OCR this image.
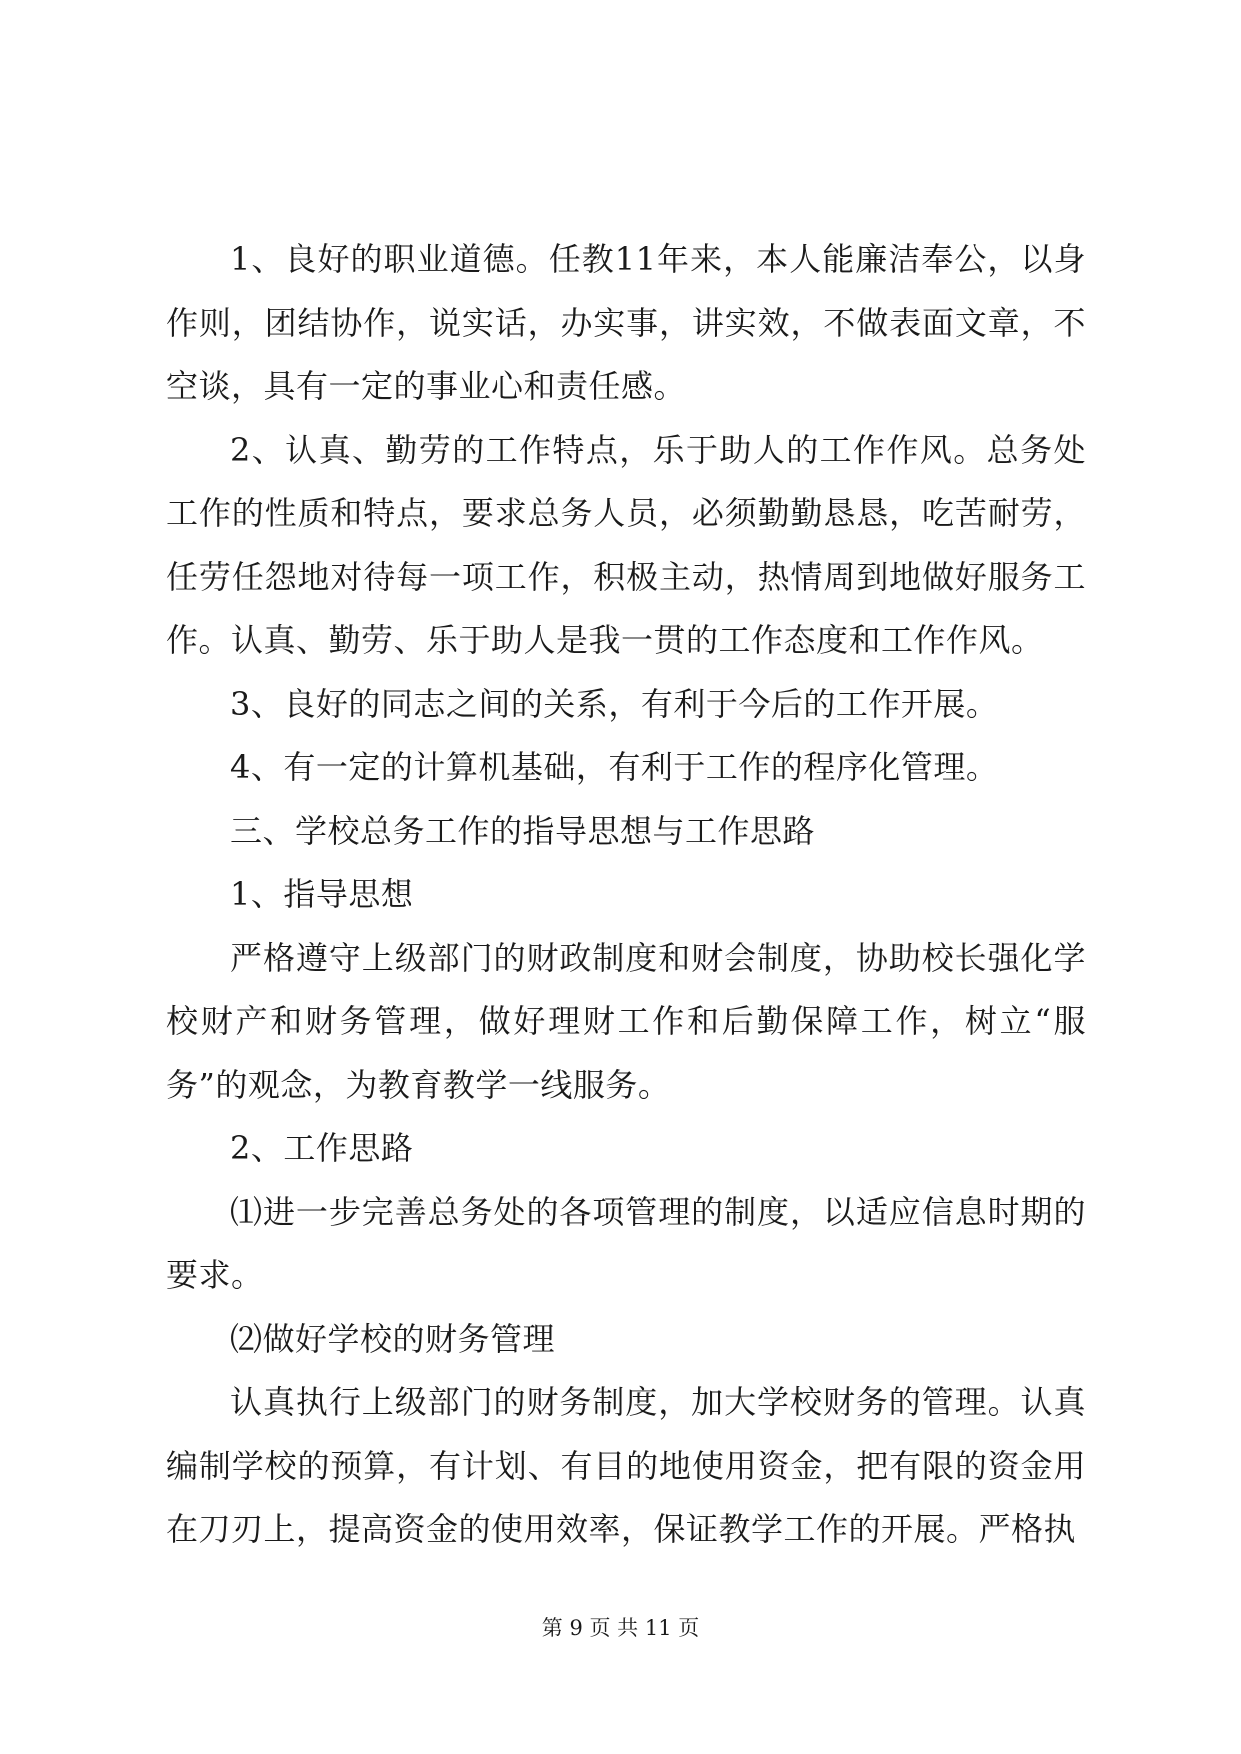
1、良好的职业道德。任教11年来，本人能廉洁奉公，以身作则，团结协作，说实话，办实事，讲实效，不做表面文章，不空谈，具有一定的事业心和责任感。

2、认真、勤劳的工作特点，乐于助人的工作作风。总务处工作的性质和特点，要求总务人员，必须勤勤恳恳，吃苦耐劳，任劳任怨地对待每一项工作，积极主动，热情周到地做好服务工作。认真、勤劳、乐于助人是我一贯的工作态度和工作作风。

3、良好的同志之间的关系，有利于今后的工作开展。

4、有一定的计算机基础，有利于工作的程序化管理。

三、学校总务工作的指导思想与工作思路

1、指导思想

严格遵守上级部门的财政制度和财会制度，协助校长强化学校财产和财务管理，做好理财工作和后勤保障工作，树立“服务”的观念，为教育教学一线服务。

2、工作思路

⑴进一步完善总务处的各项管理的制度，以适应信息时期的要求。

⑵做好学校的财务管理

认真执行上级部门的财务制度，加大学校财务的管理。认真编制学校的预算，有计划、有目的地使用资金，把有限的资金用在刀刃上，提高资金的使用效率，保证教学工作的开展。严格执

第 9 页 共 11 页
